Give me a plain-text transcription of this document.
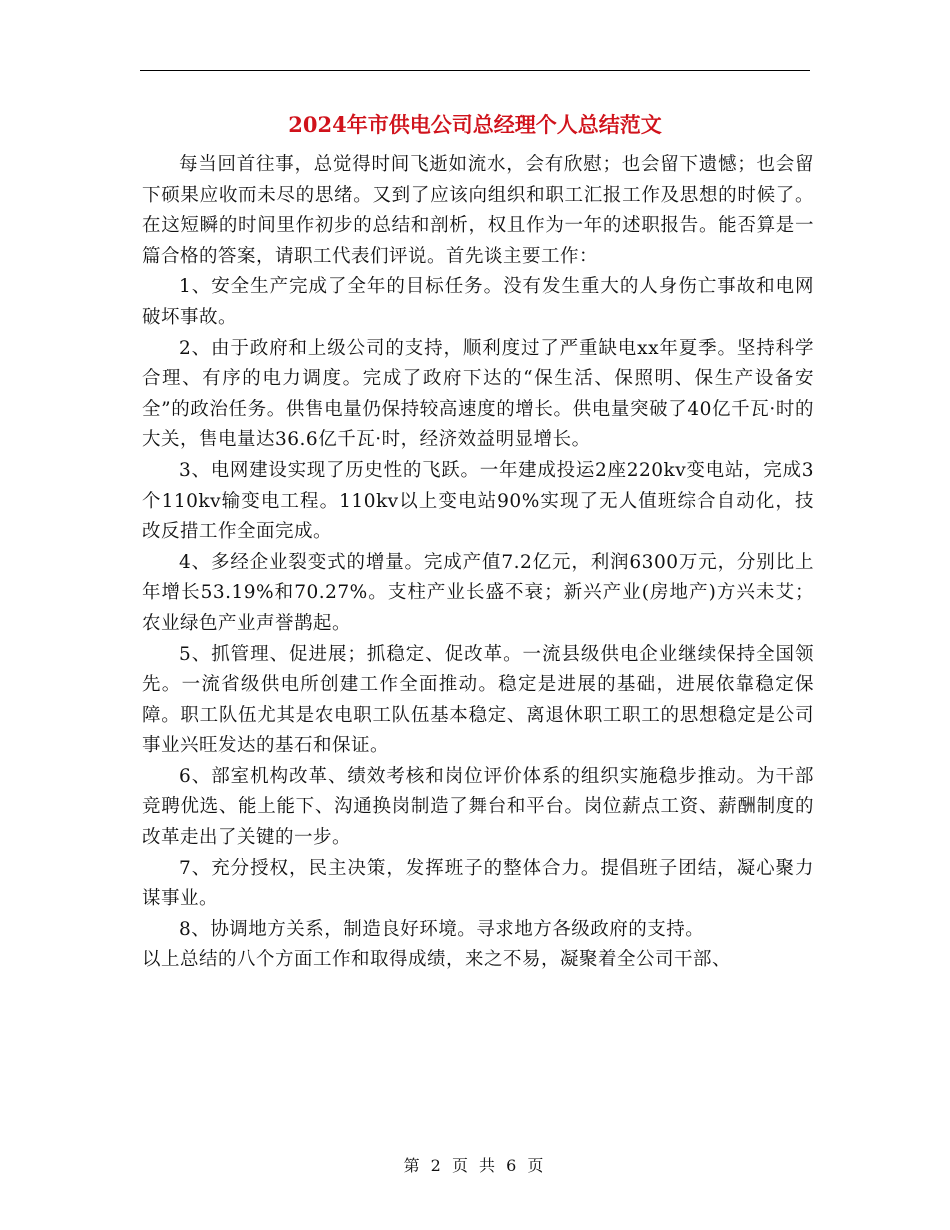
2024年市供电公司总经理个人总结范文

每当回首往事，总觉得时间飞逝如流水，会有欣慰；也会留下遗憾；也会留下硕果应收而未尽的思绪。又到了应该向组织和职工汇报工作及思想的时候了。在这短瞬的时间里作初步的总结和剖析，权且作为一年的述职报告。能否算是一篇合格的答案，请职工代表们评说。首先谈主要工作：

1、安全生产完成了全年的目标任务。没有发生重大的人身伤亡事故和电网破坏事故。

2、由于政府和上级公司的支持，顺利度过了严重缺电xx年夏季。坚持科学合理、有序的电力调度。完成了政府下达的“保生活、保照明、保生产设备安全”的政治任务。供售电量仍保持较高速度的增长。供电量突破了40亿千瓦·时的大关，售电量达36.6亿千瓦·时，经济效益明显增长。

3、电网建设实现了历史性的飞跃。一年建成投运2座220kv变电站，完成3个110kv输变电工程。110kv以上变电站90%实现了无人值班综合自动化，技改反措工作全面完成。

4、多经企业裂变式的增量。完成产值7.2亿元，利润6300万元，分别比上年增长53.19%和70.27%。支柱产业长盛不衰；新兴产业(房地产)方兴未艾；农业绿色产业声誉鹊起。

5、抓管理、促进展；抓稳定、促改革。一流县级供电企业继续保持全国领先。一流省级供电所创建工作全面推动。稳定是进展的基础，进展依靠稳定保障。职工队伍尤其是农电职工队伍基本稳定、离退休职工职工的思想稳定是公司事业兴旺发达的基石和保证。

6、部室机构改革、绩效考核和岗位评价体系的组织实施稳步推动。为干部竞聘优选、能上能下、沟通换岗制造了舞台和平台。岗位薪点工资、薪酬制度的改革走出了关键的一步。

7、充分授权，民主决策，发挥班子的整体合力。提倡班子团结，凝心聚力谋事业。

8、协调地方关系，制造良好环境。寻求地方各级政府的支持。

以上总结的八个方面工作和取得成绩，来之不易，凝聚着全公司干部、

第 2 页 共 6 页
